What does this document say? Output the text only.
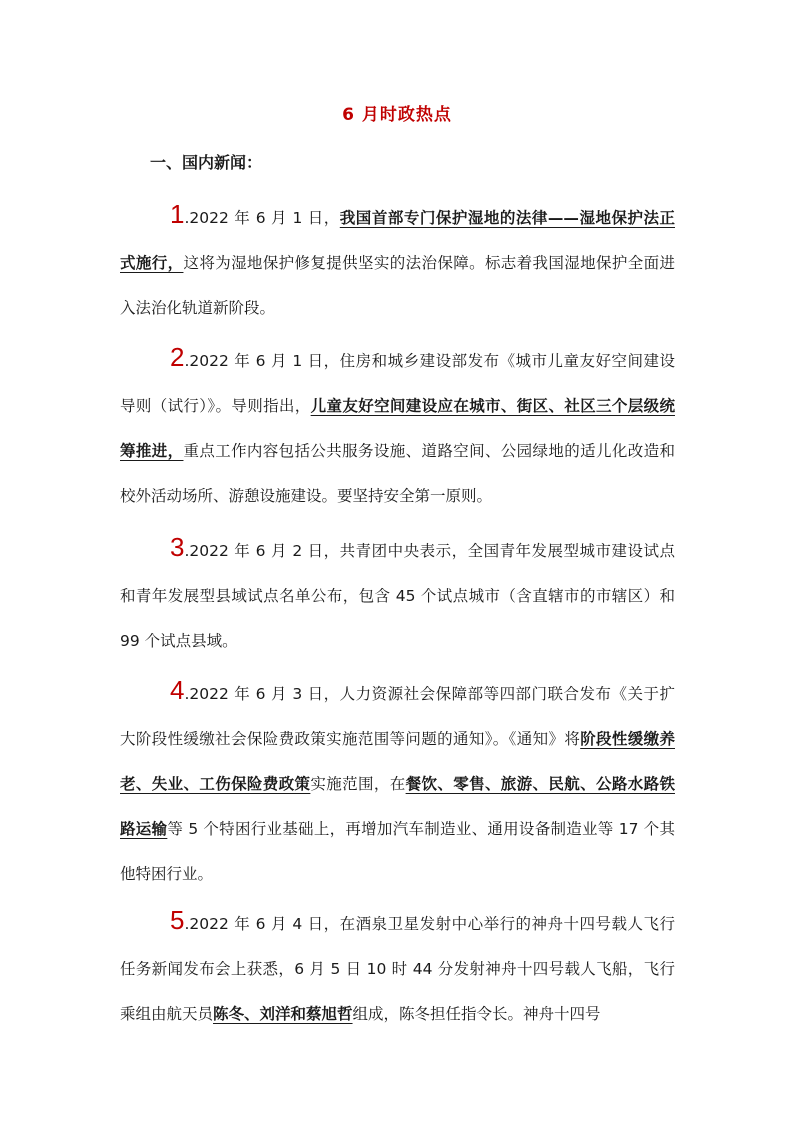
6 月时政热点
一、国内新闻：
1.2022 年 6 月 1 日，我国首部专门保护湿地的法律——湿地保护法正式施行，这将为湿地保护修复提供坚实的法治保障。标志着我国湿地保护全面进入法治化轨道新阶段。
2.2022 年 6 月 1 日，住房和城乡建设部发布《城市儿童友好空间建设导则（试行）》。导则指出，儿童友好空间建设应在城市、街区、社区三个层级统筹推进，重点工作内容包括公共服务设施、道路空间、公园绿地的适儿化改造和校外活动场所、游憩设施建设。要坚持安全第一原则。
3.2022 年 6 月 2 日，共青团中央表示，全国青年发展型城市建设试点和青年发展型县域试点名单公布，包含 45 个试点城市（含直辖市的市辖区）和 99 个试点县域。
4.2022 年 6 月 3 日，人力资源社会保障部等四部门联合发布《关于扩大阶段性缓缴社会保险费政策实施范围等问题的通知》。《通知》将阶段性缓缴养老、失业、工伤保险费政策实施范围，在餐饮、零售、旅游、民航、公路水路铁路运输等 5 个特困行业基础上，再增加汽车制造业、通用设备制造业等 17 个其他特困行业。
5.2022 年 6 月 4 日，在酒泉卫星发射中心举行的神舟十四号载人飞行任务新闻发布会上获悉，6 月 5 日 10 时 44 分发射神舟十四号载人飞船，飞行乘组由航天员陈冬、刘洋和蔡旭哲组成，陈冬担任指令长。神舟十四号
